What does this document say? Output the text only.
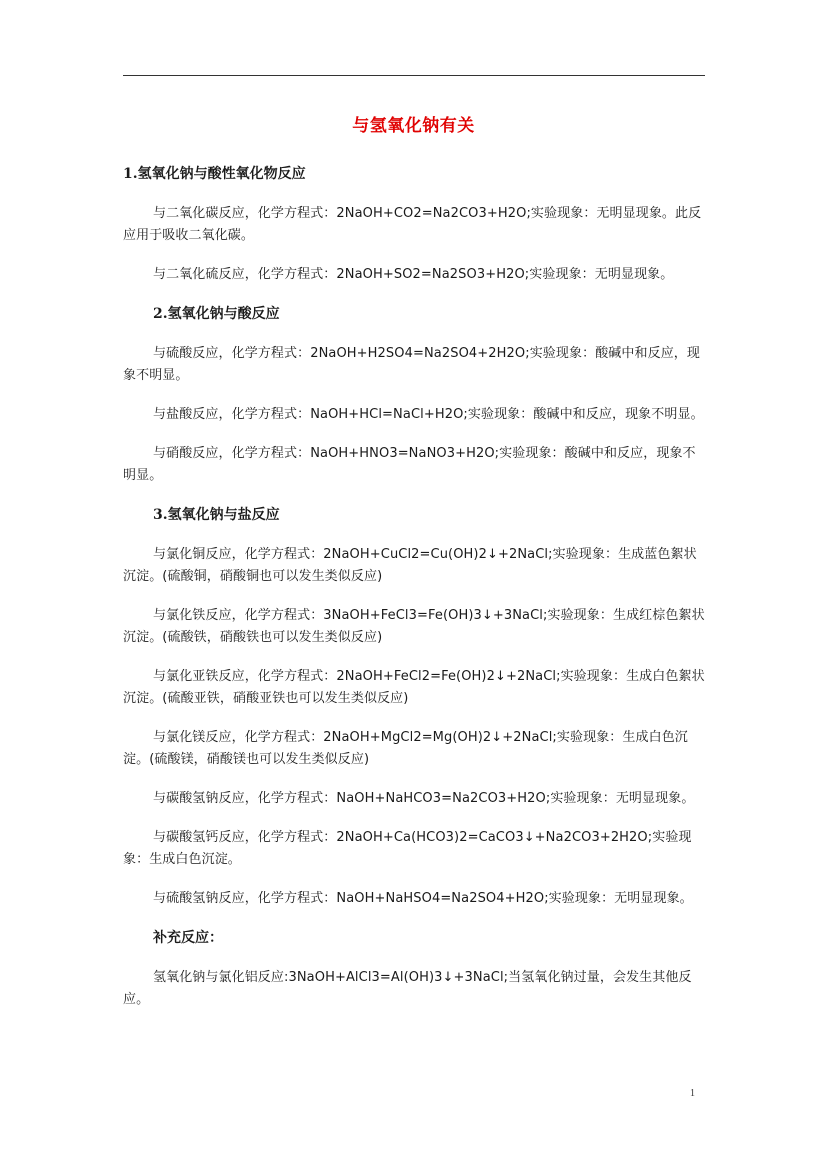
与氢氧化钠有关
1.氢氧化钠与酸性氧化物反应

与二氧化碳反应，化学方程式：2NaOH+CO2=Na2CO3+H2O;实验现象：无明显现象。此反应用于吸收二氧化碳。

与二氧化硫反应，化学方程式：2NaOH+SO2=Na2SO3+H2O;实验现象：无明显现象。

2.氢氧化钠与酸反应

与硫酸反应，化学方程式：2NaOH+H2SO4=Na2SO4+2H2O;实验现象：酸碱中和反应，现象不明显。

与盐酸反应，化学方程式：NaOH+HCl=NaCl+H2O;实验现象：酸碱中和反应，现象不明显。

与硝酸反应，化学方程式：NaOH+HNO3=NaNO3+H2O;实验现象：酸碱中和反应，现象不明显。

3.氢氧化钠与盐反应

与氯化铜反应，化学方程式：2NaOH+CuCl2=Cu(OH)2↓+2NaCl;实验现象：生成蓝色絮状沉淀。(硫酸铜，硝酸铜也可以发生类似反应)

与氯化铁反应，化学方程式：3NaOH+FeCl3=Fe(OH)3↓+3NaCl;实验现象：生成红棕色絮状沉淀。(硫酸铁，硝酸铁也可以发生类似反应)

与氯化亚铁反应，化学方程式：2NaOH+FeCl2=Fe(OH)2↓+2NaCl;实验现象：生成白色絮状沉淀。(硫酸亚铁，硝酸亚铁也可以发生类似反应)

与氯化镁反应，化学方程式：2NaOH+MgCl2=Mg(OH)2↓+2NaCl;实验现象：生成白色沉淀。(硫酸镁，硝酸镁也可以发生类似反应)

与碳酸氢钠反应，化学方程式：NaOH+NaHCO3=Na2CO3+H2O;实验现象：无明显现象。

与碳酸氢钙反应，化学方程式：2NaOH+Ca(HCO3)2=CaCO3↓+Na2CO3+2H2O;实验现象：生成白色沉淀。

与硫酸氢钠反应，化学方程式：NaOH+NaHSO4=Na2SO4+H2O;实验现象：无明显现象。

补充反应：

氢氧化钠与氯化铝反应:3NaOH+AlCl3=Al(OH)3↓+3NaCl;当氢氧化钠过量，会发生其他反应。

1
